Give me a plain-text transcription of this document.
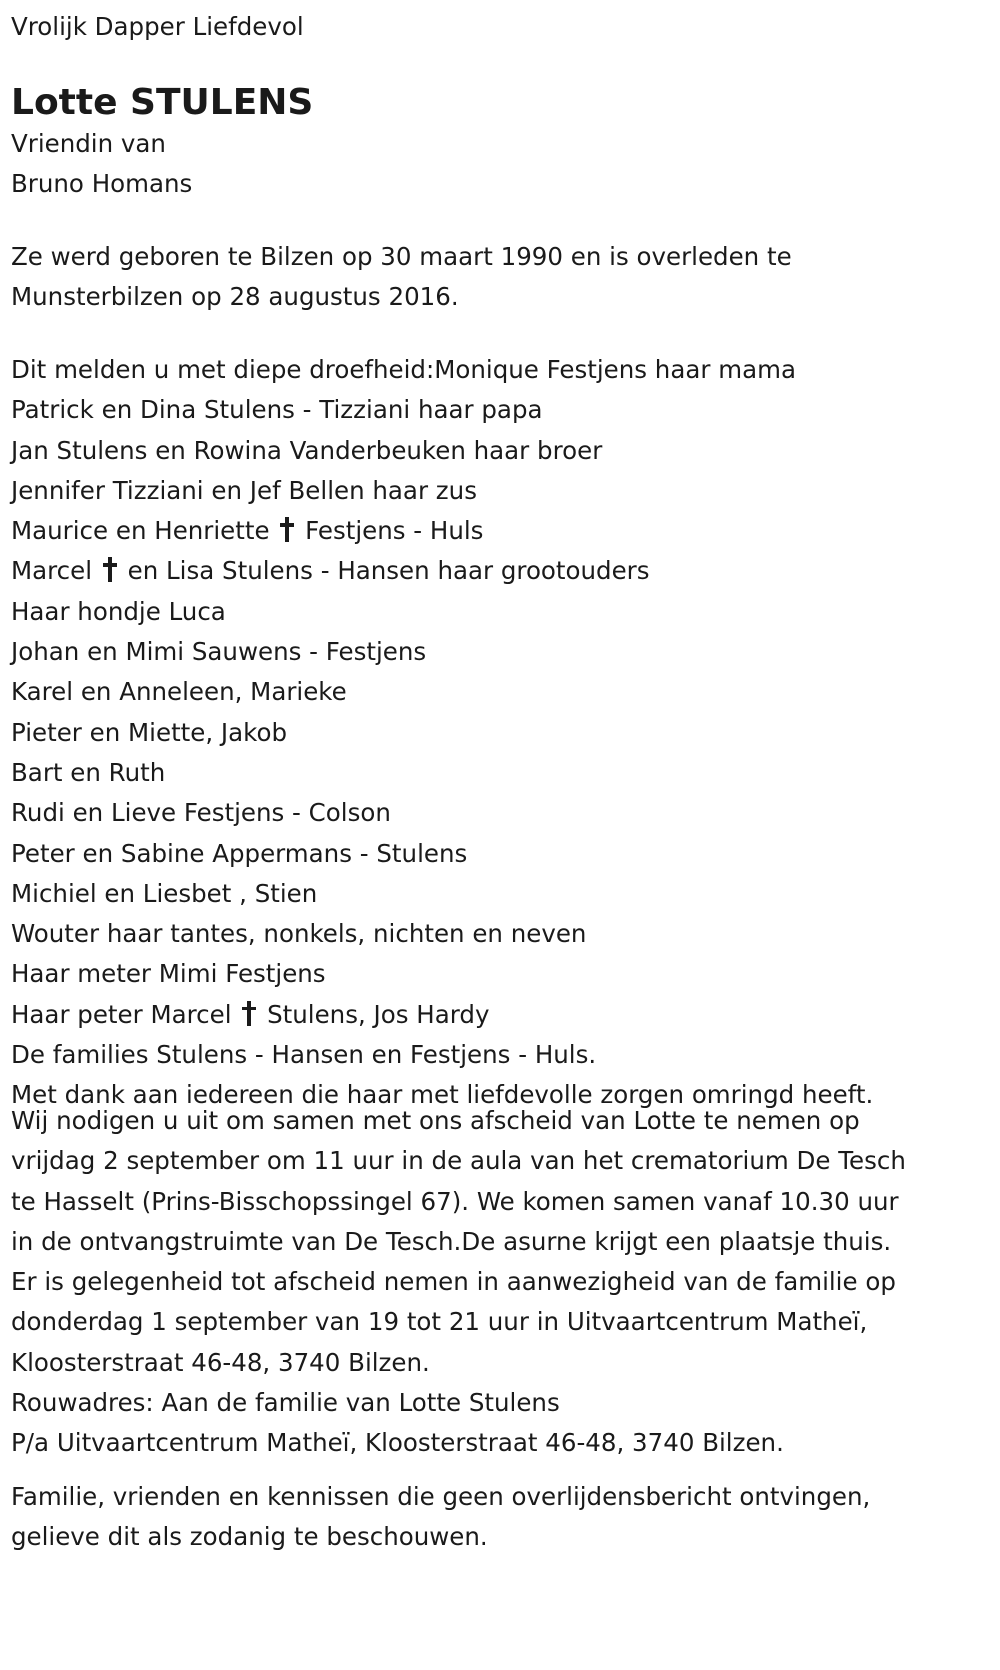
Vrolijk Dapper Liefdevol
Lotte STULENS
Vriendin van
Bruno Homans
Ze werd geboren te Bilzen op 30 maart 1990 en is overleden te
Munsterbilzen op 28 augustus 2016.
Dit melden u met diepe droefheid:Monique Festjens haar mama
Patrick en Dina Stulens - Tizziani haar papa
Jan Stulens en Rowina Vanderbeuken haar broer
Jennifer Tizziani en Jef Bellen haar zus
Maurice en Henriette Festjens - Huls
Marcel en Lisa Stulens - Hansen haar grootouders
Haar hondje Luca
Johan en Mimi Sauwens - Festjens
Karel en Anneleen, Marieke
Pieter en Miette, Jakob
Bart en Ruth
Rudi en Lieve Festjens - Colson
Peter en Sabine Appermans - Stulens
Michiel en Liesbet , Stien
Wouter haar tantes, nonkels, nichten en neven
Haar meter Mimi Festjens
Haar peter Marcel Stulens, Jos Hardy
De families Stulens - Hansen en Festjens - Huls.
Met dank aan iedereen die haar met liefdevolle zorgen omringd heeft.
Wij nodigen u uit om samen met ons afscheid van Lotte te nemen op
vrijdag 2 september om 11 uur in de aula van het crematorium De Tesch
te Hasselt (Prins-Bisschopssingel 67). We komen samen vanaf 10.30 uur
in de ontvangstruimte van De Tesch.De asurne krijgt een plaatsje thuis.
Er is gelegenheid tot afscheid nemen in aanwezigheid van de familie op
donderdag 1 september van 19 tot 21 uur in Uitvaartcentrum Matheï,
Kloosterstraat 46-48, 3740 Bilzen.
Rouwadres: Aan de familie van Lotte Stulens
P/a Uitvaartcentrum Matheï, Kloosterstraat 46-48, 3740 Bilzen.
Familie, vrienden en kennissen die geen overlijdensbericht ontvingen,
gelieve dit als zodanig te beschouwen.
